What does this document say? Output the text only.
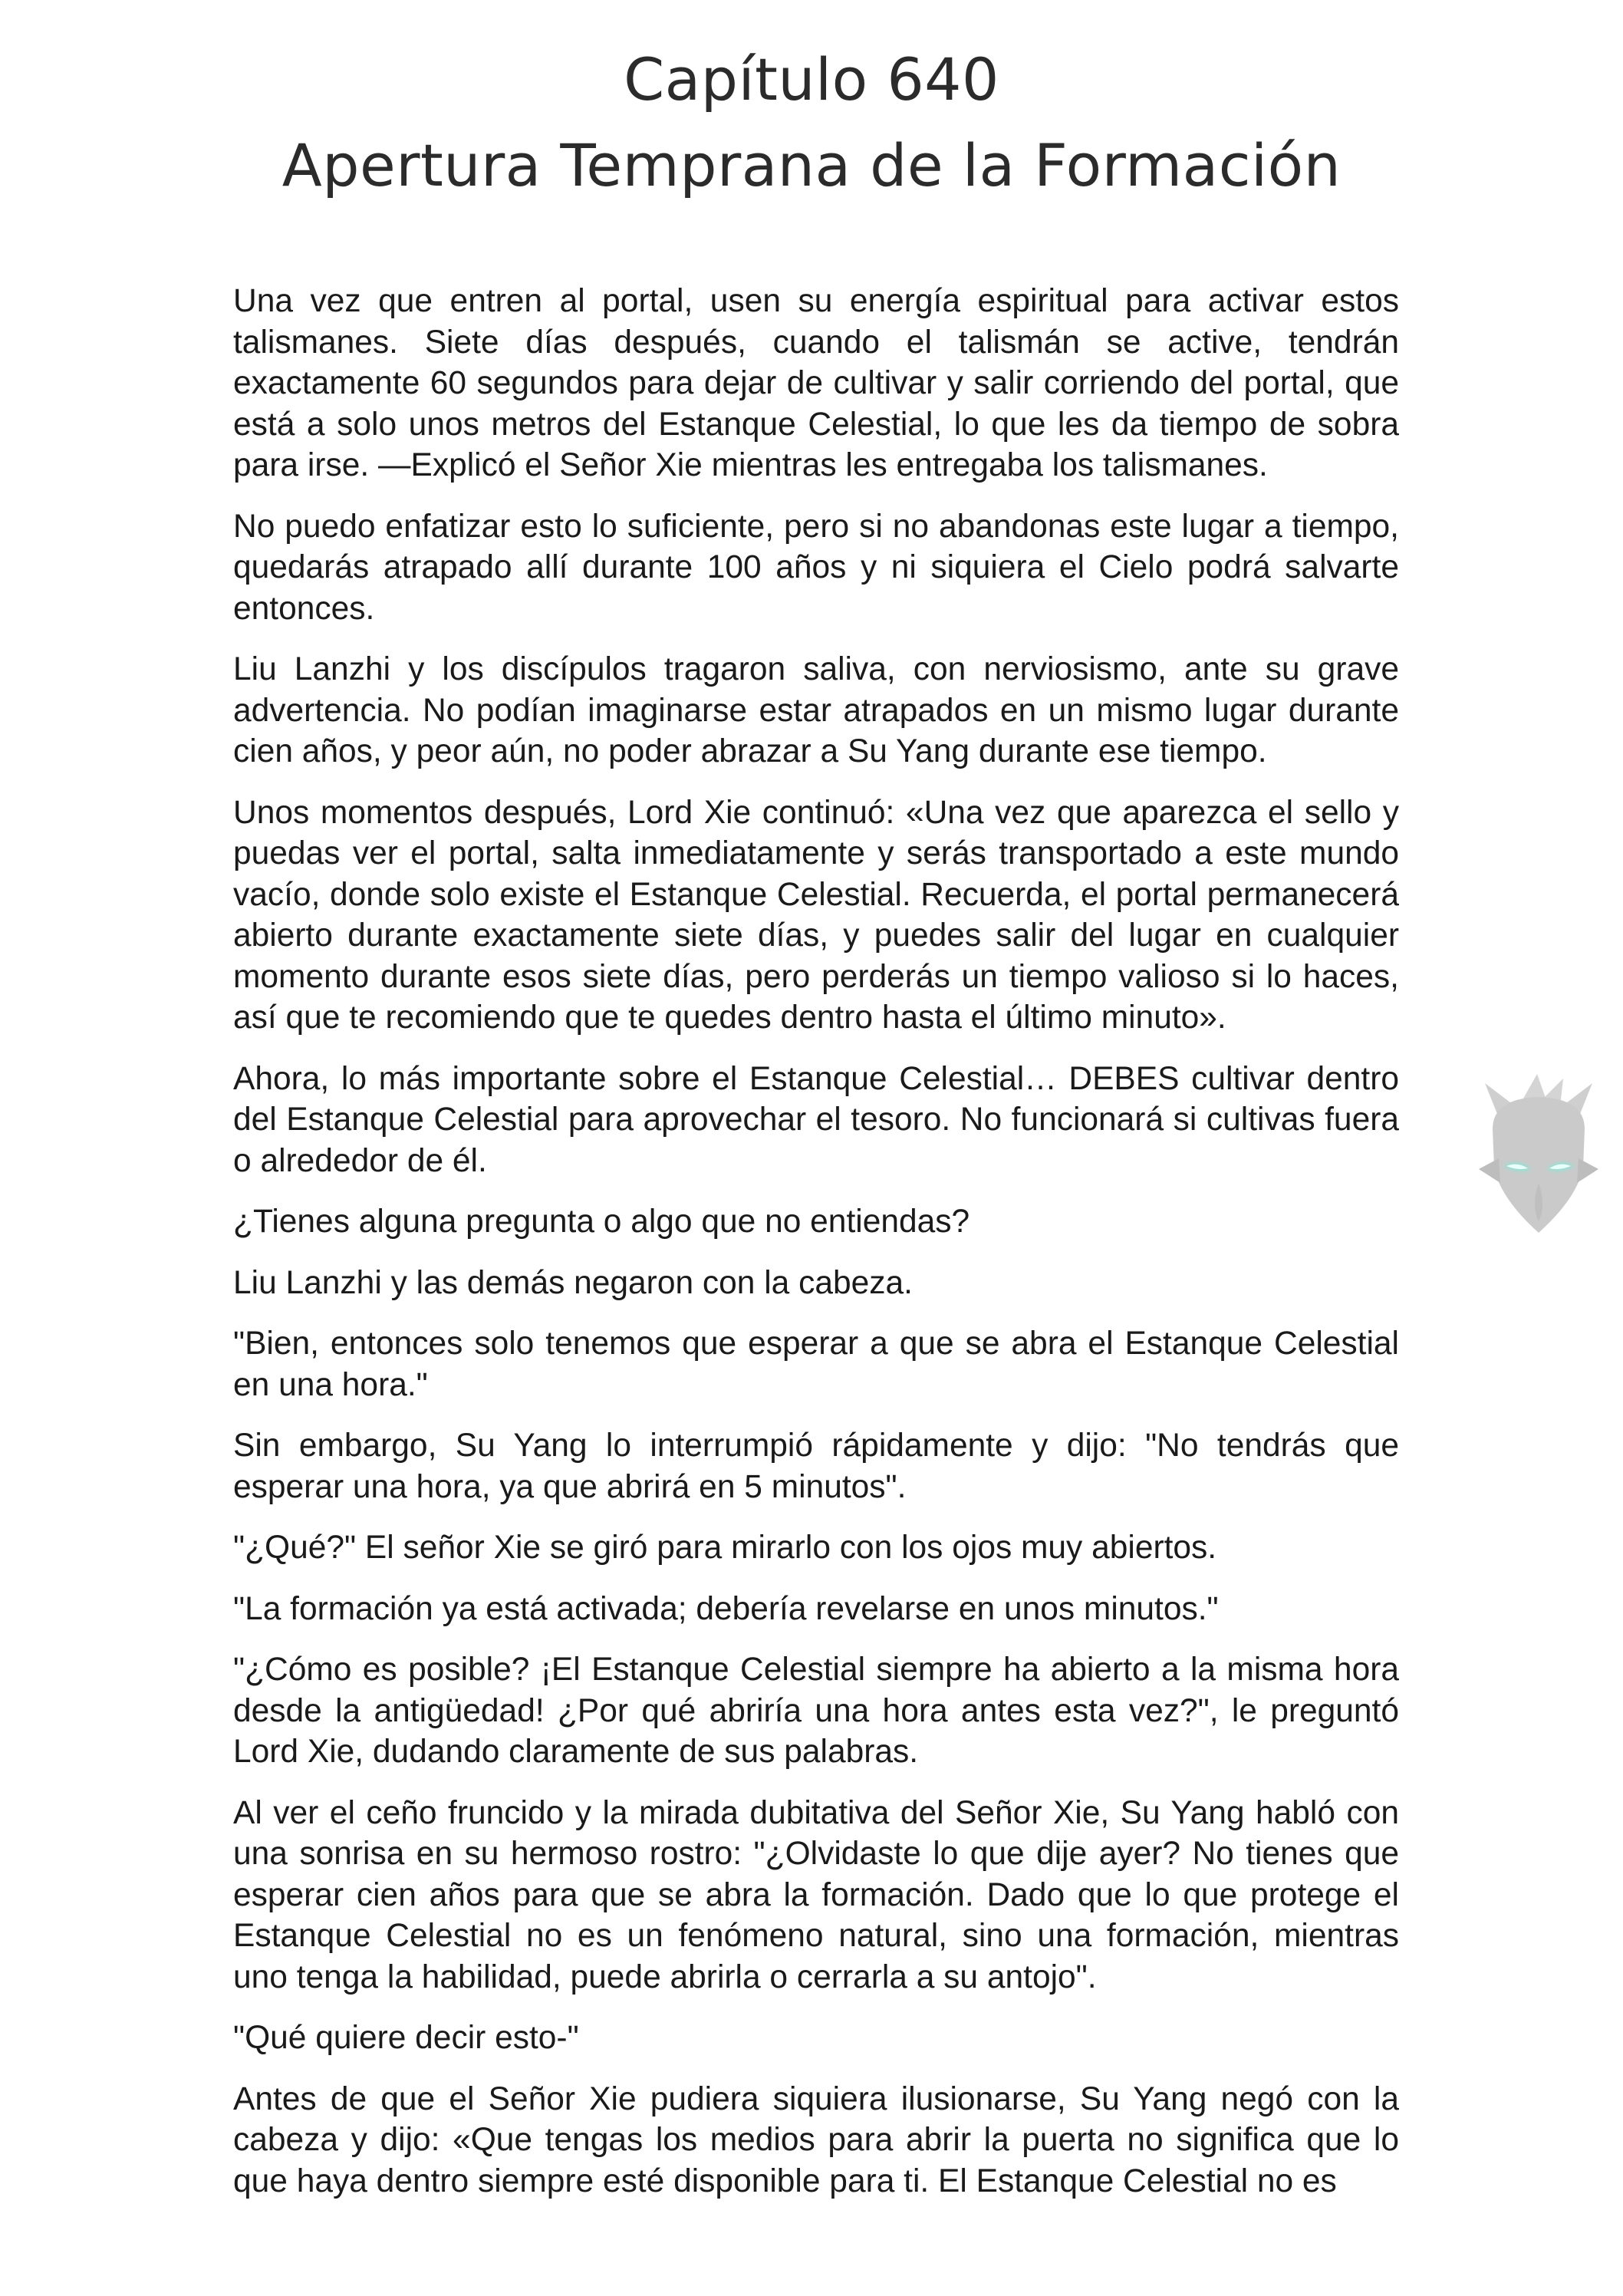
Capítulo 640
Apertura Temprana de la Formación

Una vez que entren al portal, usen su energía espiritual para activar estos talismanes. Siete días después, cuando el talismán se active, tendrán exactamente 60 segundos para dejar de cultivar y salir corriendo del portal, que está a solo unos metros del Estanque Celestial, lo que les da tiempo de sobra para irse. —Explicó el Señor Xie mientras les entregaba los talismanes.

No puedo enfatizar esto lo suficiente, pero si no abandonas este lugar a tiempo, quedarás atrapado allí durante 100 años y ni siquiera el Cielo podrá salvarte entonces.

Liu Lanzhi y los discípulos tragaron saliva, con nerviosismo, ante su grave advertencia. No podían imaginarse estar atrapados en un mismo lugar durante cien años, y peor aún, no poder abrazar a Su Yang durante ese tiempo.

Unos momentos después, Lord Xie continuó: «Una vez que aparezca el sello y puedas ver el portal, salta inmediatamente y serás transportado a este mundo vacío, donde solo existe el Estanque Celestial. Recuerda, el portal permanecerá abierto durante exactamente siete días, y puedes salir del lugar en cualquier momento durante esos siete días, pero perderás un tiempo valioso si lo haces, así que te recomiendo que te quedes dentro hasta el último minuto».

Ahora, lo más importante sobre el Estanque Celestial… DEBES cultivar dentro del Estanque Celestial para aprovechar el tesoro. No funcionará si cultivas fuera o alrededor de él.

¿Tienes alguna pregunta o algo que no entiendas?

Liu Lanzhi y las demás negaron con la cabeza.

"Bien, entonces solo tenemos que esperar a que se abra el Estanque Celestial en una hora."

Sin embargo, Su Yang lo interrumpió rápidamente y dijo: "No tendrás que esperar una hora, ya que abrirá en 5 minutos".

"¿Qué?" El señor Xie se giró para mirarlo con los ojos muy abiertos.

"La formación ya está activada; debería revelarse en unos minutos."

"¿Cómo es posible? ¡El Estanque Celestial siempre ha abierto a la misma hora desde la antigüedad! ¿Por qué abriría una hora antes esta vez?", le preguntó Lord Xie, dudando claramente de sus palabras.

Al ver el ceño fruncido y la mirada dubitativa del Señor Xie, Su Yang habló con una sonrisa en su hermoso rostro: "¿Olvidaste lo que dije ayer? No tienes que esperar cien años para que se abra la formación. Dado que lo que protege el Estanque Celestial no es un fenómeno natural, sino una formación, mientras uno tenga la habilidad, puede abrirla o cerrarla a su antojo".

"Qué quiere decir esto-"

Antes de que el Señor Xie pudiera siquiera ilusionarse, Su Yang negó con la cabeza y dijo: «Que tengas los medios para abrir la puerta no significa que lo que haya dentro siempre esté disponible para ti. El Estanque Celestial no es
